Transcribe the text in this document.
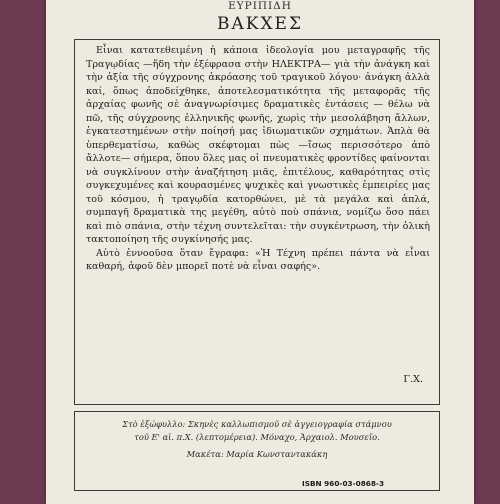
ΕΥΡΙΠΙΔΗ
ΒΑΚΧΕΣ

Εἶναι κατατεθειμένη ἡ κάποια ἰδεολογία μου μεταγραφῆς τῆς Τραγῳδίας —ἤδη τὴν ἐξέφρασα στὴν ΗΛΕΚΤΡΑ— γιὰ τὴν ἀνάγκη καὶ τὴν ἀξία τῆς σύγχρονης ἀκρόασης τοῦ τραγικοῦ λόγου· ἀνάγκη ἀλλὰ καί, ὅπως ἀποδείχθηκε, ἀποτελεσματικότητα τῆς μεταφορᾶς τῆς ἀρχαίας φωνῆς σὲ ἀναγνωρίσιμες δραματικὲς ἐντάσεις — θέλω νὰ πῶ, τῆς σύγχρονης ἑλληνικῆς φωνῆς, χωρὶς τὴν μεσολάβηση ἄλλων, ἐγκατεστημένων στὴν ποίησή μας ἰδιωματικῶν σχημάτων. Ἁπλὰ θὰ ὑπερθεματίσω, καθὼς σκέφτομαι πὼς —ἴσως περισσότερο ἀπὸ ἄλλοτε— σήμερα, ὅπου ὅλες μας οἱ πνευματικὲς φροντίδες φαίνονται νὰ συγκλίνουν στὴν ἀναζήτηση μιᾶς, ἐπιτέλους, καθαρότητας στὶς συγκεχυμένες καὶ κουρασμένες ψυχικὲς καὶ γνωστικὲς ἐμπειρίες μας τοῦ κόσμου, ἡ τραγῳδία κατορθώνει, μὲ τὰ μεγάλα καὶ ἁπλά, συμπαγῆ δραματικὰ της μεγέθη, αὐτὸ ποὺ σπάνια, νομίζω ὅσο πάει καὶ πιὸ σπάνια, στὴν τέχνη συντελεῖται: τὴν συγκέντρωση, τὴν ὁλικὴ τακτοποίηση τῆς συγκίνησής μας.

Αὐτὸ ἐννοοῦσα ὅταν ἔγραφα: «Ἡ Τέχνη πρέπει πάντα νὰ εἶναι καθαρή, ἀφοῦ δὲν μπορεῖ ποτὲ νὰ εἶναι σαφής».

Γ.Χ.
Στὸ ἐξώφυλλο: Σκηνὲς καλλωπισμοῦ σὲ ἀγγειογραφία στάμνου
τοῦ Ε' αἰ. π.Χ. (λεπτομέρεια). Μόναχο, Ἀρχαιολ. Μουσεῖο.
Μακέτα: Μαρία Κωνσταντακάκη
ISBN 960-03-0868-3
